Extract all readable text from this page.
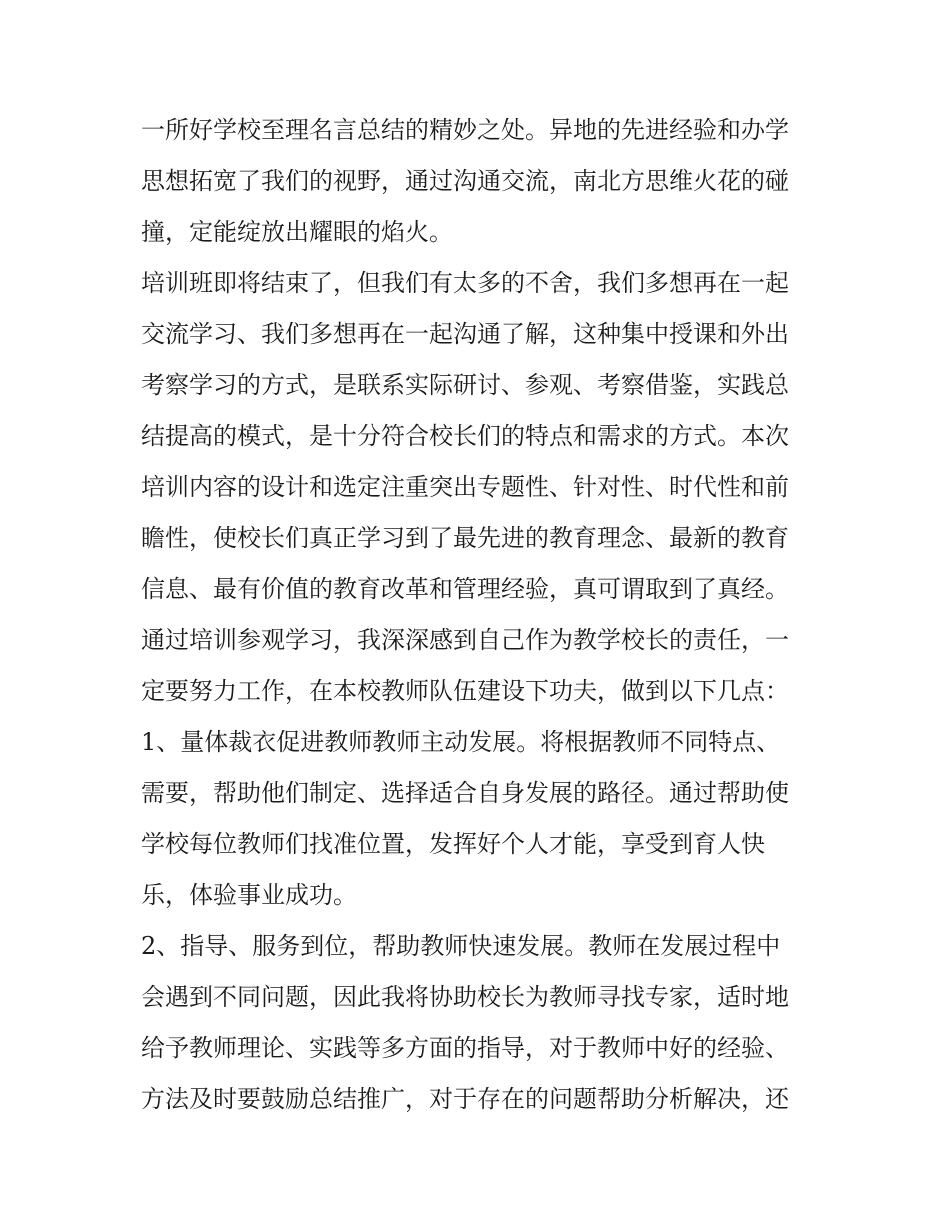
一所好学校至理名言总结的精妙之处。异地的先进经验和办学
思想拓宽了我们的视野，通过沟通交流，南北方思维火花的碰
撞，定能绽放出耀眼的焰火。
培训班即将结束了，但我们有太多的不舍，我们多想再在一起
交流学习、我们多想再在一起沟通了解，这种集中授课和外出
考察学习的方式，是联系实际研讨、参观、考察借鉴，实践总
结提高的模式，是十分符合校长们的特点和需求的方式。本次
培训内容的设计和选定注重突出专题性、针对性、时代性和前
瞻性，使校长们真正学习到了最先进的教育理念、最新的教育
信息、最有价值的教育改革和管理经验，真可谓取到了真经。
通过培训参观学习，我深深感到自己作为教学校长的责任，一
定要努力工作，在本校教师队伍建设下功夫，做到以下几点：
1、量体裁衣促进教师教师主动发展。将根据教师不同特点、
需要，帮助他们制定、选择适合自身发展的路径。通过帮助使
学校每位教师们找准位置，发挥好个人才能，享受到育人快
乐，体验事业成功。
2、指导、服务到位，帮助教师快速发展。教师在发展过程中
会遇到不同问题，因此我将协助校长为教师寻找专家，适时地
给予教师理论、实践等多方面的指导，对于教师中好的经验、
方法及时要鼓励总结推广，对于存在的问题帮助分析解决，还
